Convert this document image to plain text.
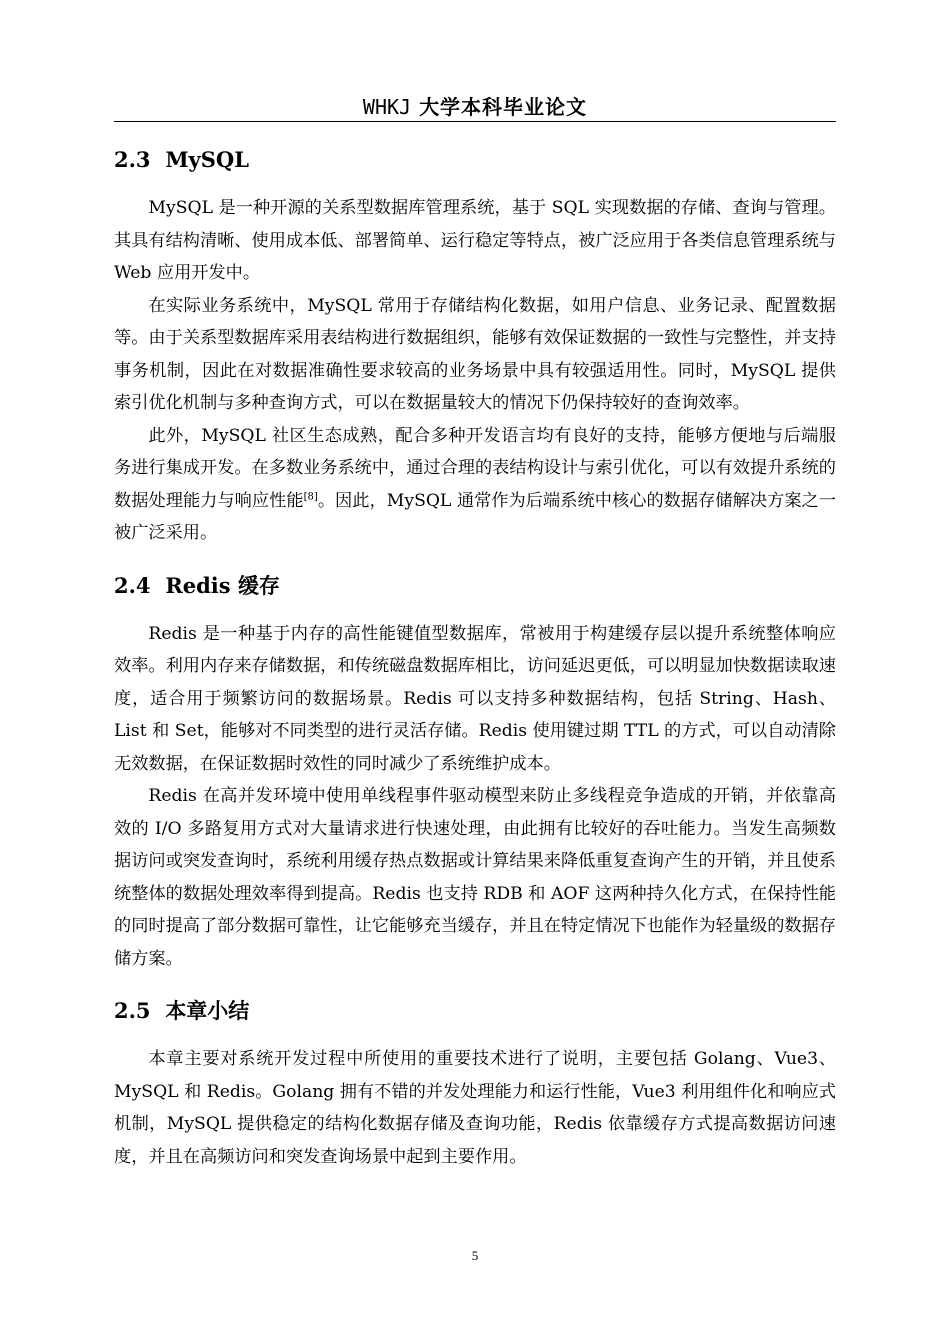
WHKJ 大学本科毕业论文
2.3 MySQL

MySQL 是一种开源的关系型数据库管理系统，基于 SQL 实现数据的存储、查询与管理。其具有结构清晰、使用成本低、部署简单、运行稳定等特点，被广泛应用于各类信息管理系统与 Web 应用开发中。

在实际业务系统中，MySQL 常用于存储结构化数据，如用户信息、业务记录、配置数据等。由于关系型数据库采用表结构进行数据组织，能够有效保证数据的一致性与完整性，并支持事务机制，因此在对数据准确性要求较高的业务场景中具有较强适用性。同时，MySQL 提供索引优化机制与多种查询方式，可以在数据量较大的情况下仍保持较好的查询效率。

此外，MySQL 社区生态成熟，配合多种开发语言均有良好的支持，能够方便地与后端服务进行集成开发。在多数业务系统中，通过合理的表结构设计与索引优化，可以有效提升系统的数据处理能力与响应性能[8]。因此，MySQL 通常作为后端系统中核心的数据存储解决方案之一被广泛采用。

2.4 Redis 缓存

Redis 是一种基于内存的高性能键值型数据库，常被用于构建缓存层以提升系统整体响应效率。利用内存来存储数据，和传统磁盘数据库相比，访问延迟更低，可以明显加快数据读取速度，适合用于频繁访问的数据场景。Redis 可以支持多种数据结构，包括 String、Hash、List 和 Set，能够对不同类型的进行灵活存储。Redis 使用键过期 TTL 的方式，可以自动清除无效数据，在保证数据时效性的同时减少了系统维护成本。

Redis 在高并发环境中使用单线程事件驱动模型来防止多线程竞争造成的开销，并依靠高效的 I/O 多路复用方式对大量请求进行快速处理，由此拥有比较好的吞吐能力。当发生高频数据访问或突发查询时，系统利用缓存热点数据或计算结果来降低重复查询产生的开销，并且使系统整体的数据处理效率得到提高。Redis 也支持 RDB 和 AOF 这两种持久化方式，在保持性能的同时提高了部分数据可靠性，让它能够充当缓存，并且在特定情况下也能作为轻量级的数据存储方案。

2.5 本章小结

本章主要对系统开发过程中所使用的重要技术进行了说明，主要包括 Golang、Vue3、MySQL 和 Redis。Golang 拥有不错的并发处理能力和运行性能，Vue3 利用组件化和响应式机制，MySQL 提供稳定的结构化数据存储及查询功能，Redis 依靠缓存方式提高数据访问速度，并且在高频访问和突发查询场景中起到主要作用。

5
